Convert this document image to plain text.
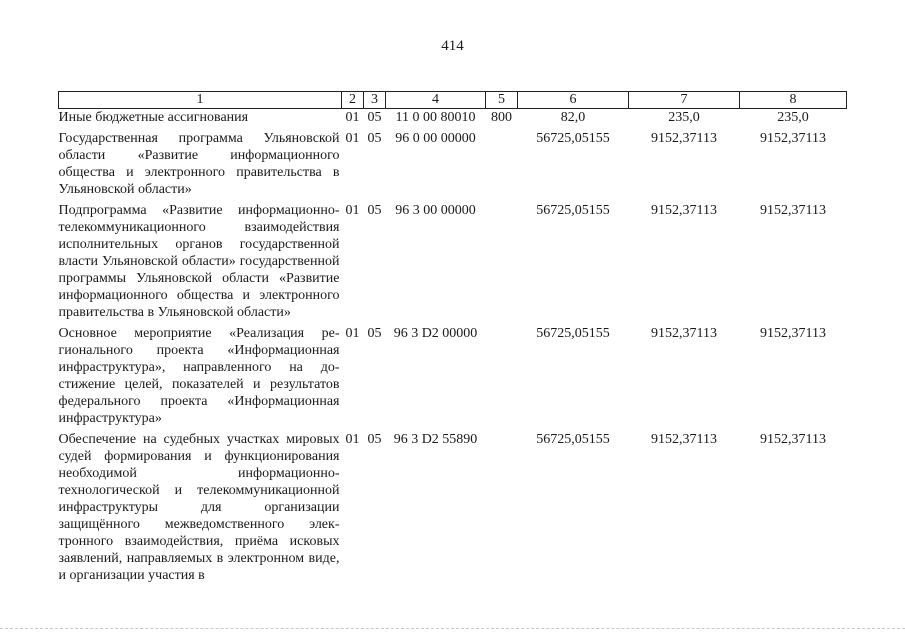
414
1	2	3	4	5	6	7	8
Иные бюджетные ассигнования	01	05	11 0 00 80010	800	82,0	235,0	235,0
Государственная программа Ульяновской области «Развитие информационного общества и электронного правительства в Ульяновской области»	01	05	96 0 00 00000		56725,05155	9152,37113	9152,37113
Подпрограмма «Развитие информационно-телекоммуникационного взаимодействия исполнительных органов государственной власти Ульяновской области» государственной программы Ульяновской области «Развитие информационного общества и электронного правительства в Ульяновской области»	01	05	96 3 00 00000		56725,05155	9152,37113	9152,37113
Основное мероприятие «Реализация регионального проекта «Информационная инфраструктура», направленного на достижение целей, показателей и результатов федерального проекта «Информационная инфраструктура»	01	05	96 3 D2 00000		56725,05155	9152,37113	9152,37113
Обеспечение на судебных участках мировых судей формирования и функционирования необходимой информационно-технологической и телекоммуникационной инфраструктуры для организации защищённого межведомственного электронного взаимодействия, приёма исковых заявлений, направляемых в электронном виде, и организации участия в	01	05	96 3 D2 55890		56725,05155	9152,37113	9152,37113
